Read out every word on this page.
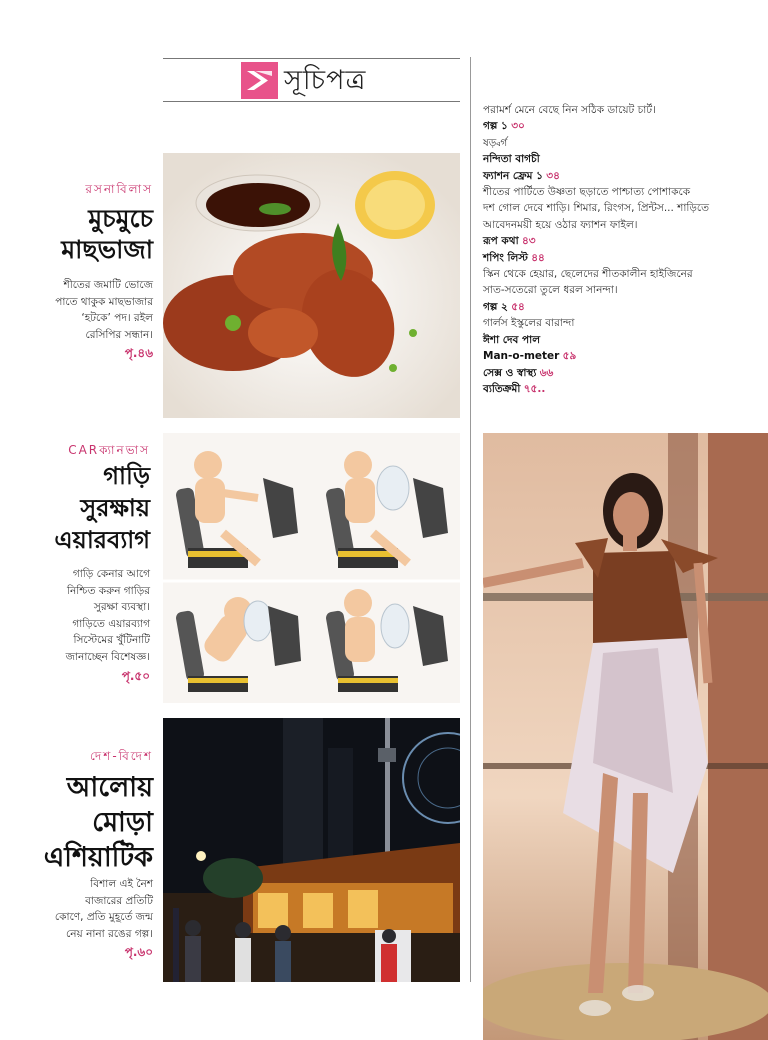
সূচিপত্র
রসনাবিলাস
মুচমুচে
মাছভাজা
শীতের জমাটি ভোজে
পাতে থাকুক মাছভাজার
‘হটকে’ পদ। রইল
রেসিপির সন্ধান।
পৃ.৪৬
CARক্যানভাস
গাড়ি
সুরক্ষায়
এয়ারব্যাগ
গাড়ি কেনার আগে
নিশ্চিত করুন গাড়ির
সুরক্ষা ব্যবস্থা।
গাড়িতে এয়ারব্যাগ
সিস্টেমের খুঁটিনাটি
জানাচ্ছেন বিশেষজ্ঞ।
পৃ.৫০
দেশ-বিদেশ
আলোয়
মোড়া
এশিয়াটিক
বিশাল এই নৈশ
বাজারের প্রতিটি
কোণে, প্রতি মুহূর্তে জন্ম
নেয় নানা রঙের গল্প।
পৃ.৬০
পরামর্শ মেনে বেছে নিন সঠিক ডায়েট চার্ট।
গল্প ১ ৩০
ষড়্বর্গ
নন্দিতা বাগচী
ফ্যাশন ফ্রেম ১ ৩৪
শীতের পার্টিতে উষ্ণতা ছড়াতে পাশ্চাত্য পোশাককে
দশ গোল দেবে শাড়ি। শিমার, রিংগস, প্রিন্টস... শাড়িতে
আবেদনময়ী হয়ে ওঠার ফ্যাশন ফাইল।
রূপ কথা ৪৩
শপিং লিস্ট ৪৪
স্কিন থেকে হেয়ার, ছেলেদের শীতকালীন হাইজিনের
সাত-সতেরো তুলে ধরল সানন্দা।
গল্প ২ ৫৪
গার্লস ইস্কুলের বারান্দা
ঈশা দেব পাল
Man-o-meter ৫৯
সেক্স ও স্বাস্থ্য ৬৬
ব্যতিক্রমী ৭৫..
